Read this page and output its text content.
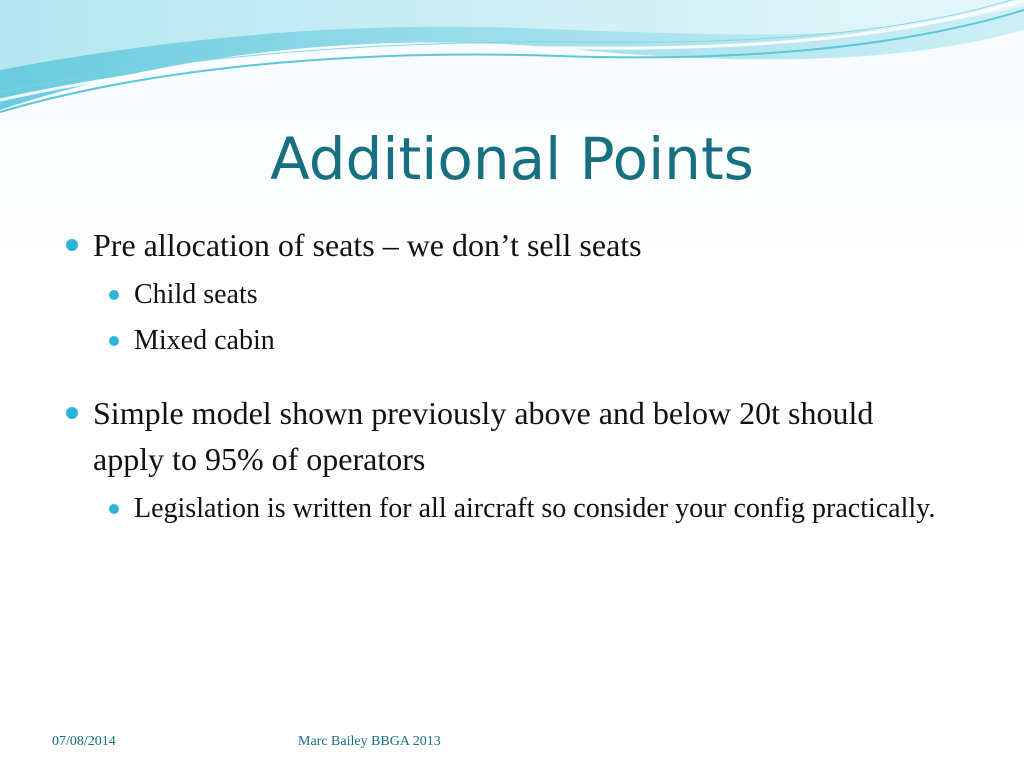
Additional Points
Pre allocation of seats – we don’t sell seats
Child seats
Mixed cabin
Simple model shown previously above and below 20t should apply to 95% of operators
Legislation is written for all aircraft so consider your config practically.
07/08/2014	Marc Bailey BBGA 2013
